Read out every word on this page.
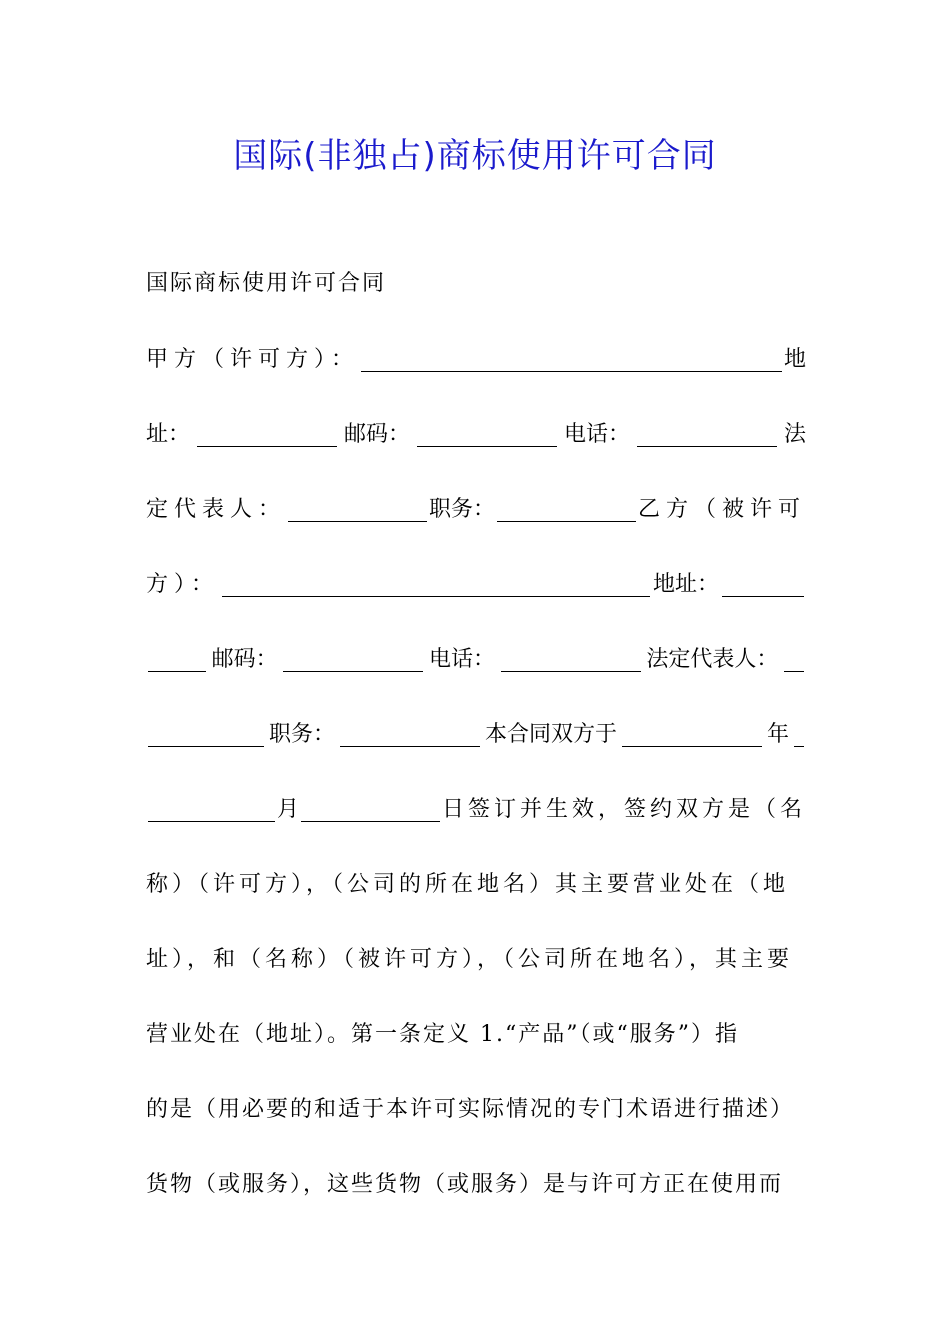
国际(非独占)商标使用许可合同
国际商标使用许可合同
甲方（许可方）：	地
址：	邮码：	电话：	法
定代表人：	职务：	乙方（被许可
方）：	地址：
邮码：	电话：	法定代表人：
职务：	本合同双方于	年
月	日签订并生效，签约双方是（名
称）（许可方），（公司的所在地名）其主要营业处在（地
址），和（名称）（被许可方），（公司所在地名），其主要
营业处在（地址）。第一条定义 1.“产品”（或“服务”）指
的是（用必要的和适于本许可实际情况的专门术语进行描述）
货物（或服务），这些货物（或服务）是与许可方正在使用而
